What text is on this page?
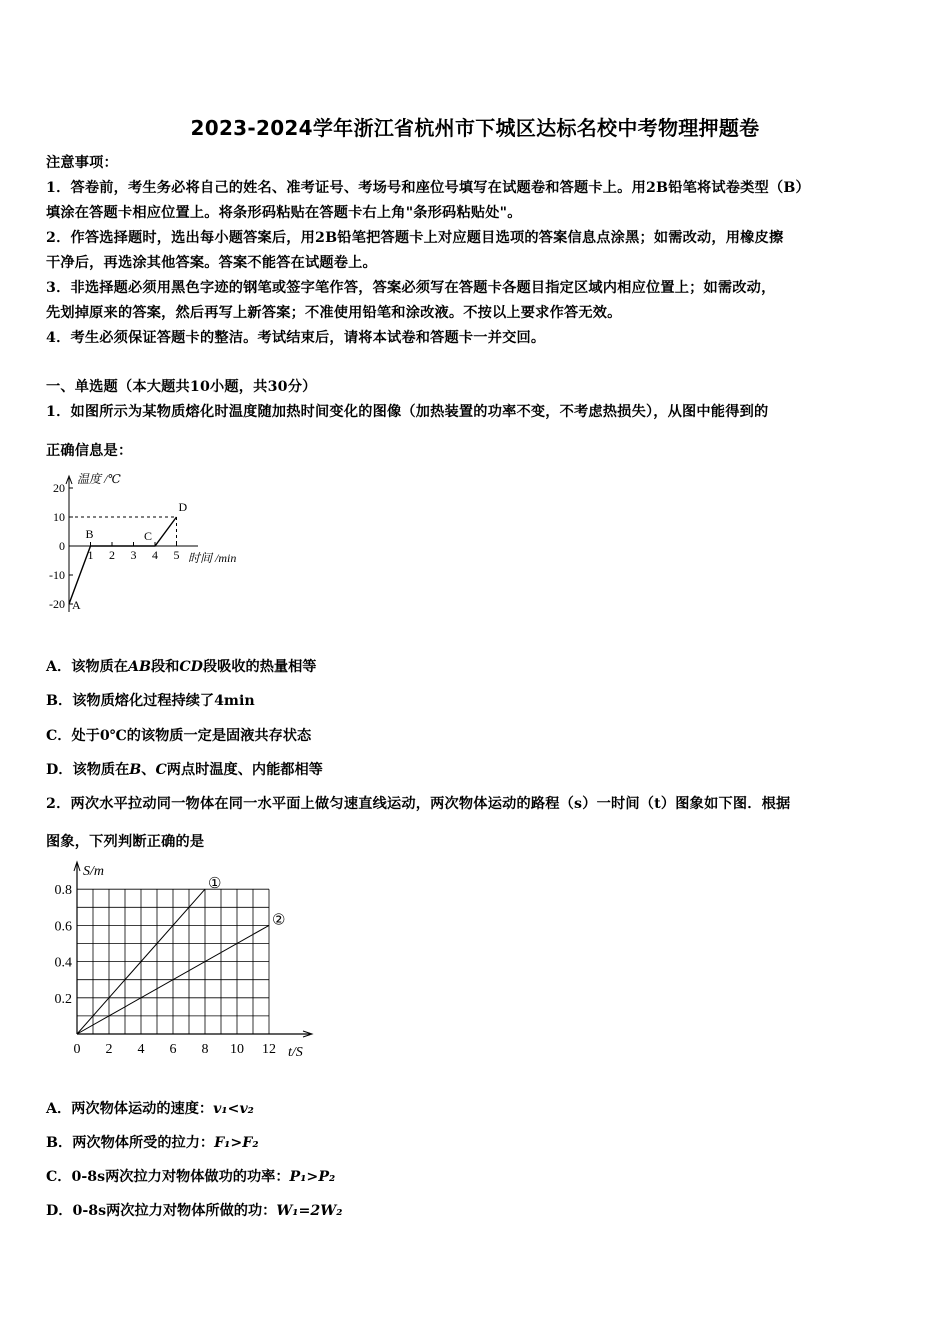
2023-2024学年浙江省杭州市下城区达标名校中考物理押题卷
注意事项：
1．答卷前，考生务必将自己的姓名、准考证号、考场号和座位号填写在试题卷和答题卡上。用2B铅笔将试卷类型（B）
填涂在答题卡相应位置上。将条形码粘贴在答题卡右上角"条形码粘贴处"。
2．作答选择题时，选出每小题答案后，用2B铅笔把答题卡上对应题目选项的答案信息点涂黑；如需改动，用橡皮擦
干净后，再选涂其他答案。答案不能答在试题卷上。
3．非选择题必须用黑色字迹的钢笔或签字笔作答，答案必须写在答题卡各题目指定区域内相应位置上；如需改动，
先划掉原来的答案，然后再写上新答案；不准使用铅笔和涂改液。不按以上要求作答无效。
4．考生必须保证答题卡的整洁。考试结束后，请将本试卷和答题卡一并交回。
一、单选题（本大题共10小题，共30分）
1．如图所示为某物质熔化时温度随加热时间变化的图像（加热装置的功率不变，不考虑热损失），从图中能得到的
正确信息是：
20
10
0
-10
-20
1 2 3 4 5
温度 /℃
时间 /min
A
B	C
D
A．该物质在AB段和CD段吸收的热量相等
B．该物质熔化过程持续了4min
C．处于0℃的该物质一定是固液共存状态
D．该物质在B、C两点时温度、内能都相等
2．两次水平拉动同一物体在同一水平面上做匀速直线运动，两次物体运动的路程（s）一时间（t）图象如下图．根据
图象，下列判断正确的是
0 2 4 6 8 10 12
0.2
0.4
0.6
0.8
S/m
t/S
①
②
A．两次物体运动的速度：v₁<v₂
B．两次物体所受的拉力：F₁>F₂
C．0-8s两次拉力对物体做功的功率：P₁>P₂
D．0-8s两次拉力对物体所做的功：W₁=2W₂
